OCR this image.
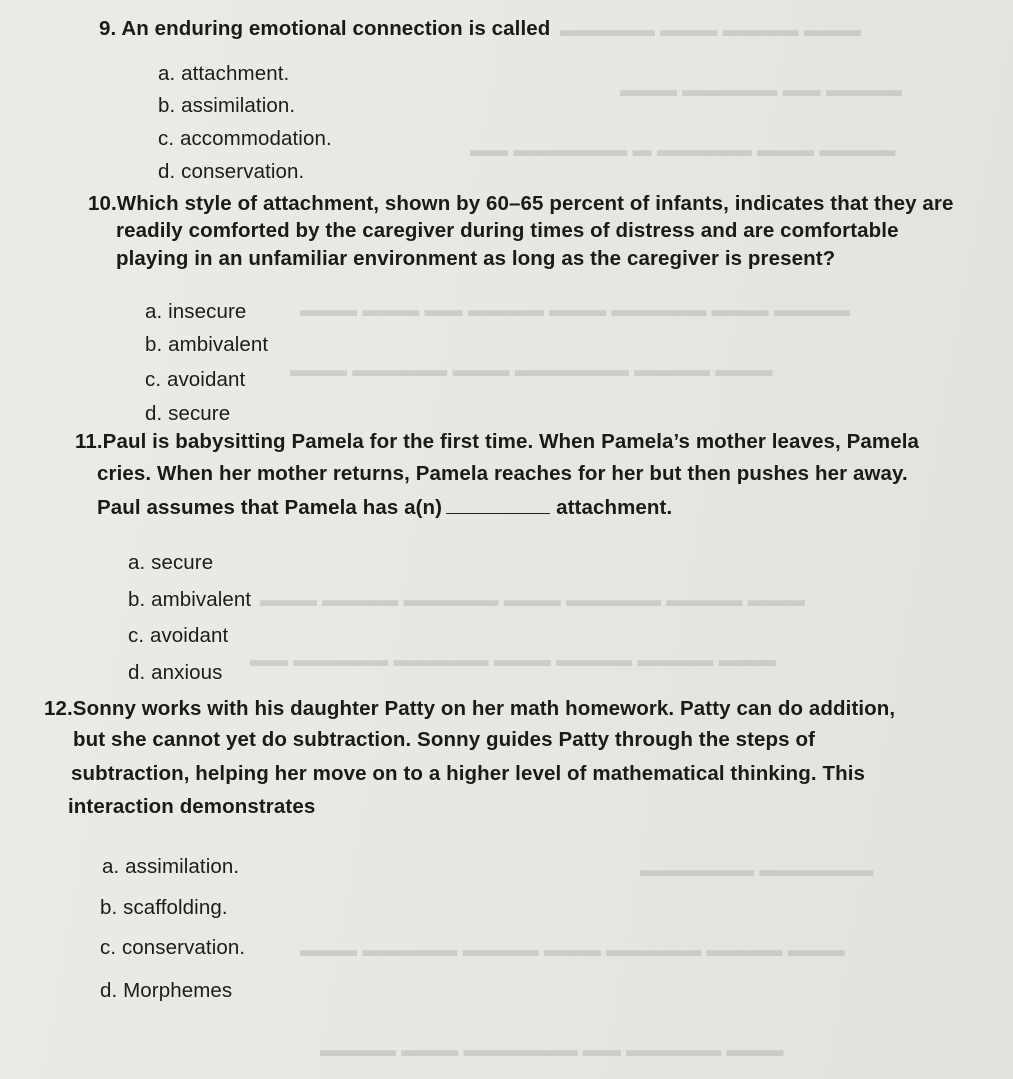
▬▬▬ ▬▬▬▬ ▬▬▬ ▬▬▬▬▬
▬▬▬▬ ▬▬ ▬▬▬▬▬ ▬▬▬
▬▬▬▬ ▬▬▬ ▬▬▬▬▬ ▬ ▬▬▬▬▬▬ ▬▬
▬▬▬▬ ▬▬▬ ▬▬▬▬▬ ▬▬▬ ▬▬▬▬ ▬▬ ▬▬▬ ▬▬▬
▬▬▬ ▬▬▬▬ ▬▬▬▬▬▬ ▬▬▬ ▬▬▬▬▬ ▬▬▬
▬▬▬ ▬▬▬▬ ▬▬▬▬▬ ▬▬▬ ▬▬▬▬▬ ▬▬▬▬ ▬▬▬
▬▬▬ ▬▬▬▬ ▬▬▬▬ ▬▬▬ ▬▬▬▬▬ ▬▬▬▬▬ ▬▬
▬▬▬▬▬▬ ▬▬▬▬▬▬
▬▬▬ ▬▬▬▬ ▬▬▬▬▬ ▬▬▬ ▬▬▬▬ ▬▬▬▬▬ ▬▬▬
▬▬▬ ▬▬▬▬▬ ▬▬ ▬▬▬▬▬▬ ▬▬▬ ▬▬▬▬
9. An enduring emotional connection is called
a. attachment.
b. assimilation.
c. accommodation.
d. conservation.
10.Which style of attachment, shown by 60–65 percent of infants, indicates that they are
readily comforted by the caregiver during times of distress and are comfortable
playing in an unfamiliar environment as long as the caregiver is present?
a. insecure
b. ambivalent
c. avoidant
d. secure
11.Paul is babysitting Pamela for the first time. When Pamela’s mother leaves, Pamela
cries. When her mother returns, Pamela reaches for her but then pushes her away.
Paul assumes that Pamela has a(n)	attachment.
a. secure
b. ambivalent
c. avoidant
d. anxious
12.Sonny works with his daughter Patty on her math homework. Patty can do addition,
but she cannot yet do subtraction. Sonny guides Patty through the steps of
subtraction, helping her move on to a higher level of mathematical thinking. This
interaction demonstrates
a. assimilation.
b. scaffolding.
c. conservation.
d. Morphemes
